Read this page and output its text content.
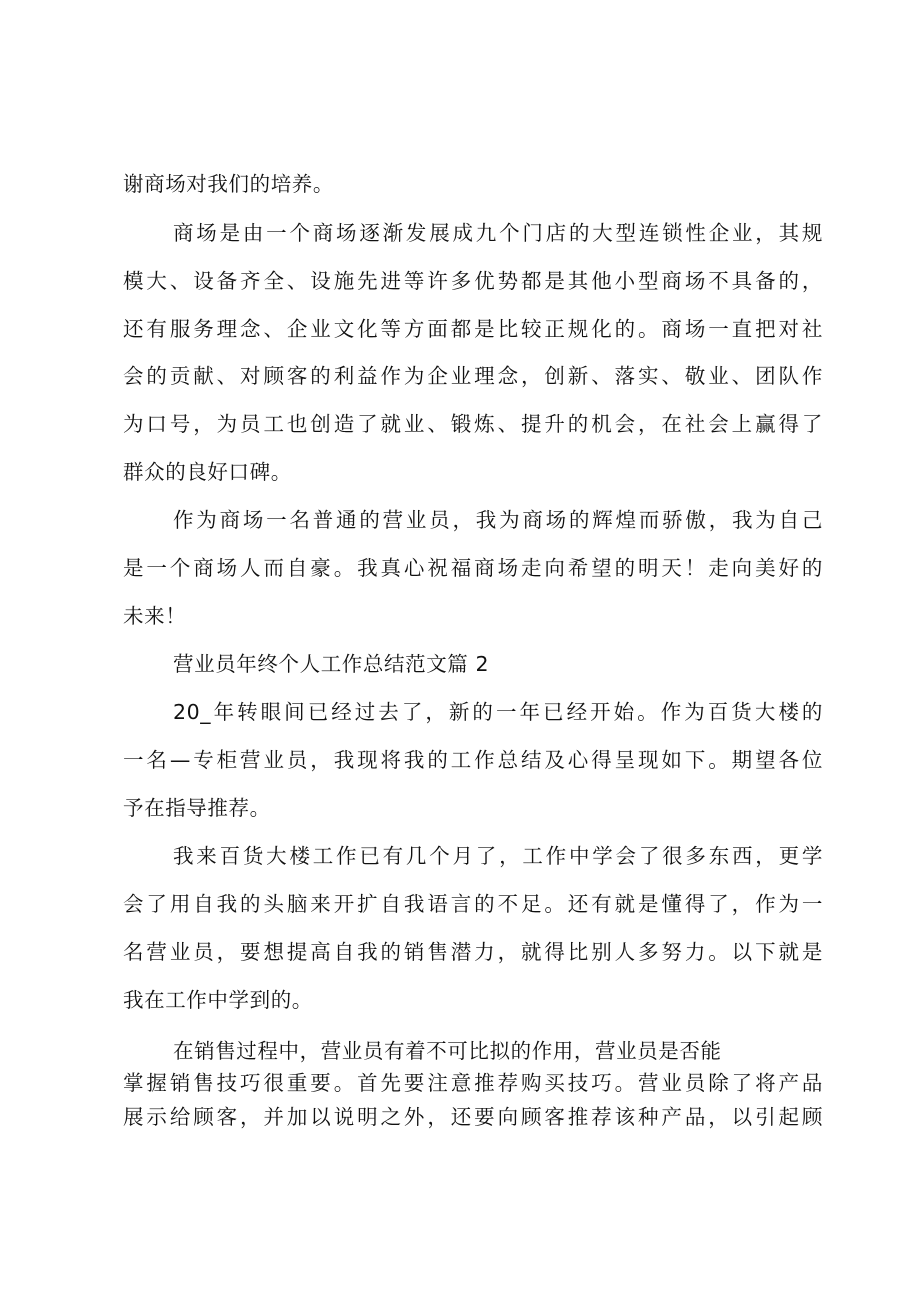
谢商场对我们的培养。

商场是由一个商场逐渐发展成九个门店的大型连锁性企业，其规

模大、设备齐全、设施先进等许多优势都是其他小型商场不具备的，

还有服务理念、企业文化等方面都是比较正规化的。商场一直把对社

会的贡献、对顾客的利益作为企业理念，创新、落实、敬业、团队作

为口号，为员工也创造了就业、锻炼、提升的机会，在社会上赢得了

群众的良好口碑。

作为商场一名普通的营业员，我为商场的辉煌而骄傲，我为自己

是一个商场人而自豪。我真心祝福商场走向希望的明天！走向美好的

未来！

营业员年终个人工作总结范文篇 2

20_年转眼间已经过去了，新的一年已经开始。作为百货大楼的

一名—专柜营业员，我现将我的工作总结及心得呈现如下。期望各位

予在指导推荐。

我来百货大楼工作已有几个月了，工作中学会了很多东西，更学

会了用自我的头脑来开扩自我语言的不足。还有就是懂得了，作为一

名营业员，要想提高自我的销售潜力，就得比别人多努力。以下就是

我在工作中学到的。

在销售过程中，营业员有着不可比拟的作用，营业员是否能

掌握销售技巧很重要。首先要注意推荐购买技巧。营业员除了将产品

展示给顾客，并加以说明之外，还要向顾客推荐该种产品，以引起顾
